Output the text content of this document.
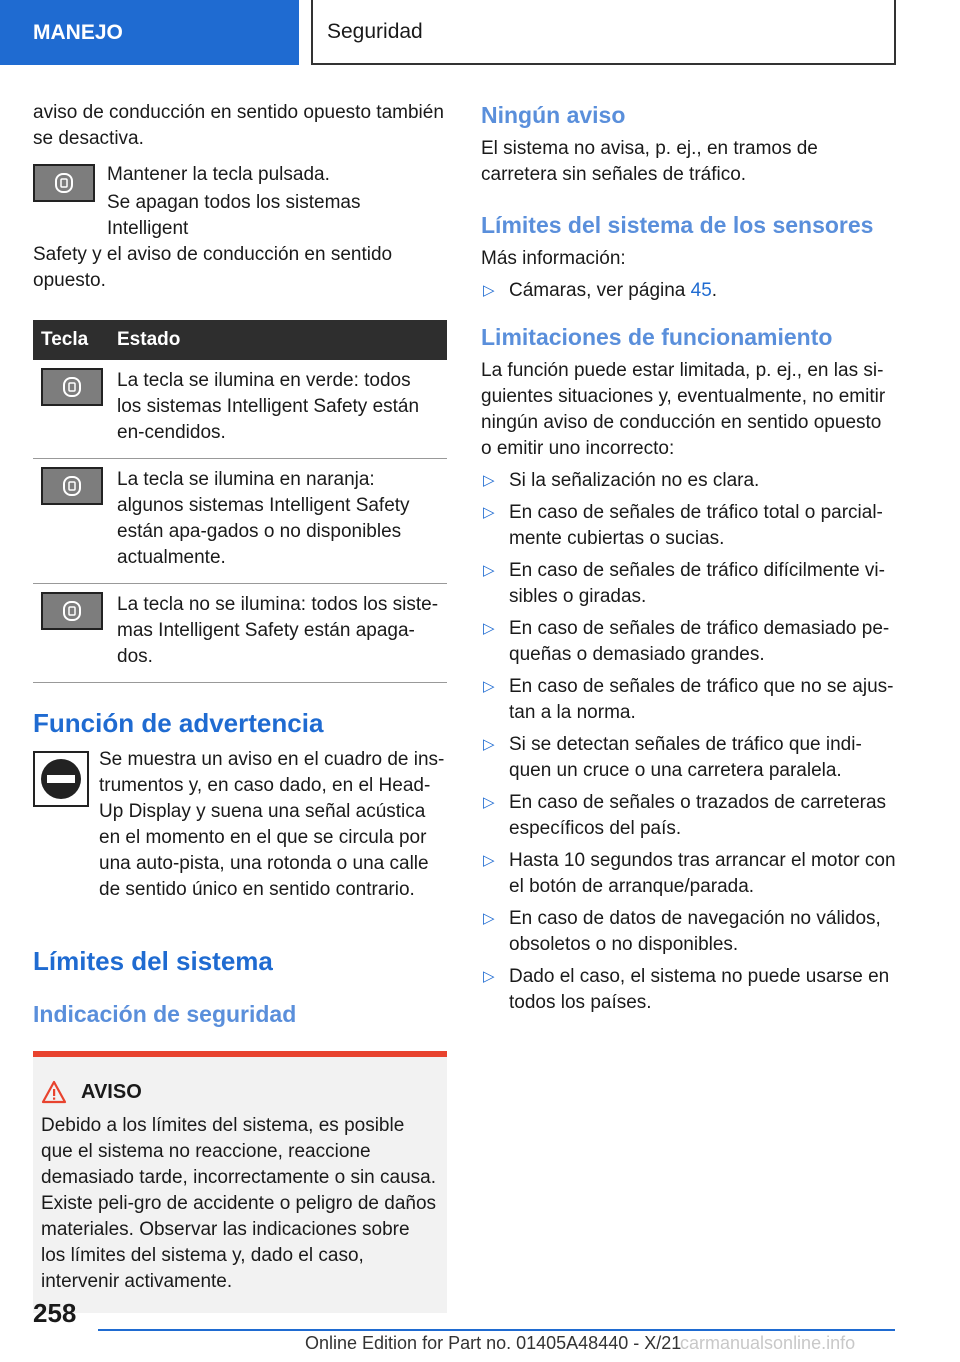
MANEJO	Seguridad

aviso de conducción en sentido opuesto también se desactiva.

Mantener la tecla pulsada.

Se apagan todos los sistemas Intelligent

Safety y el aviso de conducción en sentido opuesto.

Tecla	Estado

	La tecla se ilumina en verde: todos los sistemas Intelligent Safety están en-cendidos.

	La tecla se ilumina en naranja: algunos sistemas Intelligent Safety están apa-gados o no disponibles actualmente.

	La tecla no se ilumina: todos los siste-mas Intelligent Safety están apaga-dos.
Función de advertencia

Se muestra un aviso en el cuadro de ins-trumentos y, en caso dado, en el Head-Up Display y suena una señal acústica en el momento en el que se circula por una auto-pista, una rotonda o una calle de sentido único en sentido contrario.

Límites del sistema
Indicación de seguridad
AVISO

Debido a los límites del sistema, es posible que el sistema no reaccione, reaccione demasiado tarde, incorrectamente o sin causa. Existe peli-gro de accidente o peligro de daños materiales. Observar las indicaciones sobre los límites del sistema y, dado el caso, intervenir activamente.

Ningún aviso

El sistema no avisa, p. ej., en tramos de carretera sin señales de tráfico.

Límites del sistema de los sensores

Más información:

▷ Cámaras, ver página 45.
Limitaciones de funcionamiento

La función puede estar limitada, p. ej., en las si-guientes situaciones y, eventualmente, no emitir ningún aviso de conducción en sentido opuesto o emitir uno incorrecto:

▷ Si la señalización no es clara.
▷ En caso de señales de tráfico total o parcial-mente cubiertas o sucias.
▷ En caso de señales de tráfico difícilmente vi-sibles o giradas.
▷ En caso de señales de tráfico demasiado pe-queñas o demasiado grandes.
▷ En caso de señales de tráfico que no se ajus-tan a la norma.
▷ Si se detectan señales de tráfico que indi-quen un cruce o una carretera paralela.
▷ En caso de señales o trazados de carreteras específicos del país.
▷ Hasta 10 segundos tras arrancar el motor con el botón de arranque/parada.
▷ En caso de datos de navegación no válidos, obsoletos o no disponibles.
▷ Dado el caso, el sistema no puede usarse en todos los países.
258
Online Edition for Part no. 01405A48440 - X/21
carmanualsonline.info
